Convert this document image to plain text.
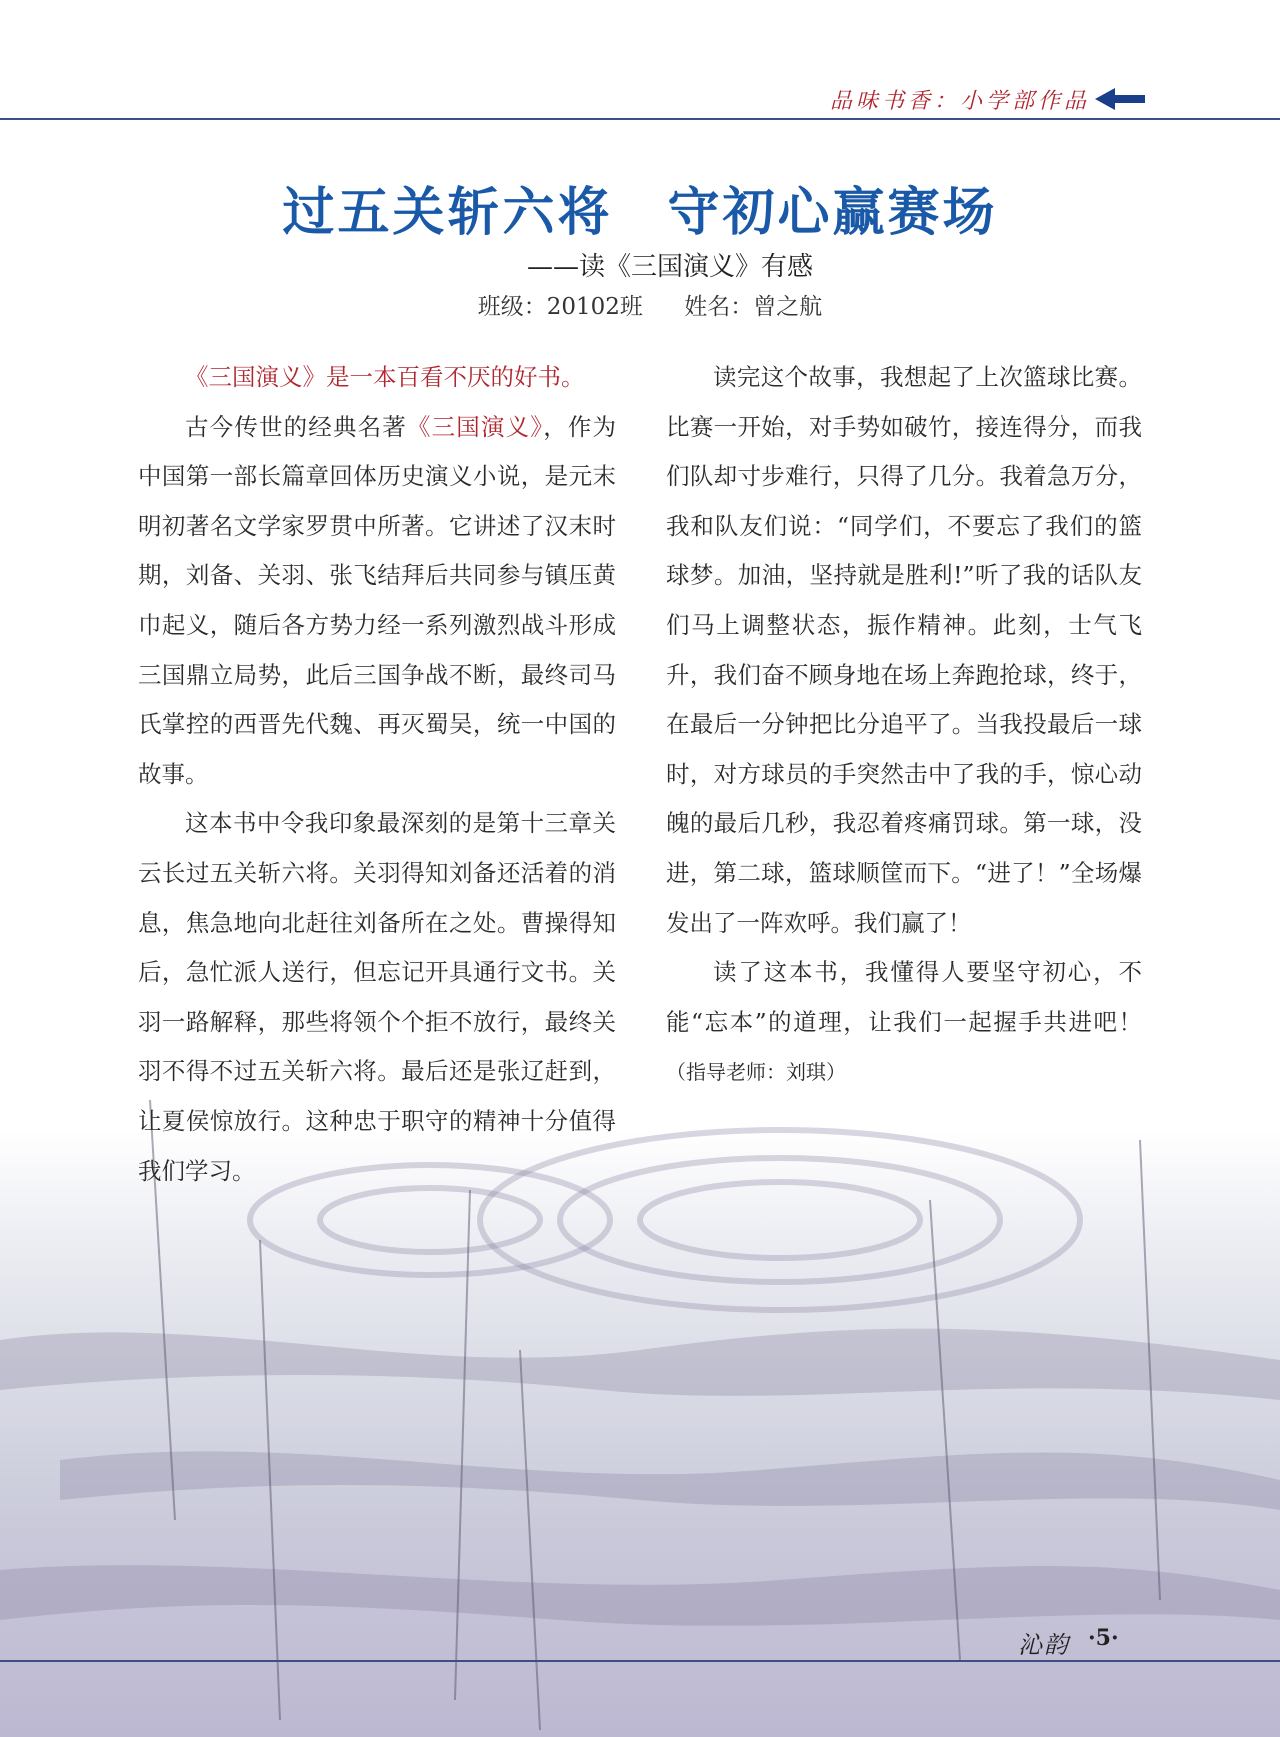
品味书香：小学部作品
过五关斩六将　守初心赢赛场
——读《三国演义》有感
班级：20102班 姓名：曾之航

《三国演义》是一本百看不厌的好书。

古今传世的经典名著《三国演义》，作为中国第一部长篇章回体历史演义小说，是元末明初著名文学家罗贯中所著。它讲述了汉末时期，刘备、关羽、张飞结拜后共同参与镇压黄巾起义，随后各方势力经一系列激烈战斗形成三国鼎立局势，此后三国争战不断，最终司马氏掌控的西晋先代魏、再灭蜀吴，统一中国的故事。

这本书中令我印象最深刻的是第十三章关云长过五关斩六将。关羽得知刘备还活着的消息，焦急地向北赶往刘备所在之处。曹操得知后，急忙派人送行，但忘记开具通行文书。关羽一路解释，那些将领个个拒不放行，最终关羽不得不过五关斩六将。最后还是张辽赶到，让夏侯惊放行。这种忠于职守的精神十分值得我们学习。

读完这个故事，我想起了上次篮球比赛。比赛一开始，对手势如破竹，接连得分，而我们队却寸步难行，只得了几分。我着急万分，我和队友们说：“同学们，不要忘了我们的篮球梦。加油，坚持就是胜利!”听了我的话队友们马上调整状态，振作精神。此刻，士气飞升，我们奋不顾身地在场上奔跑抢球，终于，在最后一分钟把比分追平了。当我投最后一球时，对方球员的手突然击中了我的手，惊心动魄的最后几秒，我忍着疼痛罚球。第一球，没进，第二球，篮球顺筐而下。“进了！”全场爆发出了一阵欢呼。我们赢了！

读了这本书，我懂得人要坚守初心，不能“忘本”的道理，让我们一起握手共进吧！（指导老师：刘琪）

沁韵 ·5·
